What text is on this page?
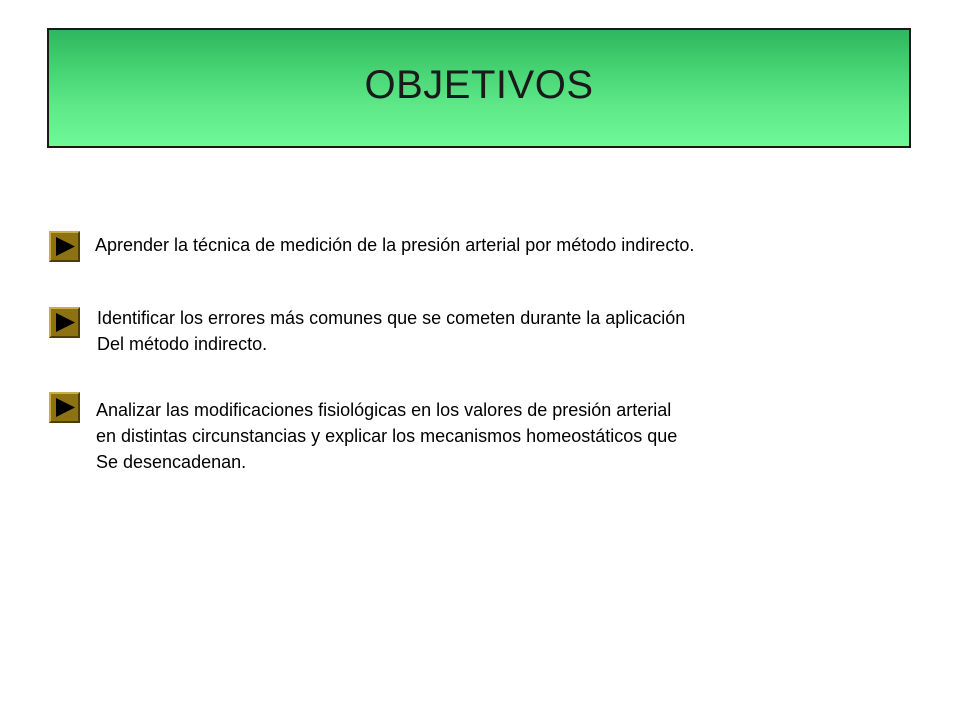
OBJETIVOS
Aprender la técnica de medición de la presión arterial por método indirecto.
Identificar los errores más comunes que se cometen durante la aplicación
Del método indirecto.
Analizar las modificaciones fisiológicas en los valores de presión arterial
en distintas circunstancias y explicar los mecanismos homeostáticos que
Se desencadenan.
